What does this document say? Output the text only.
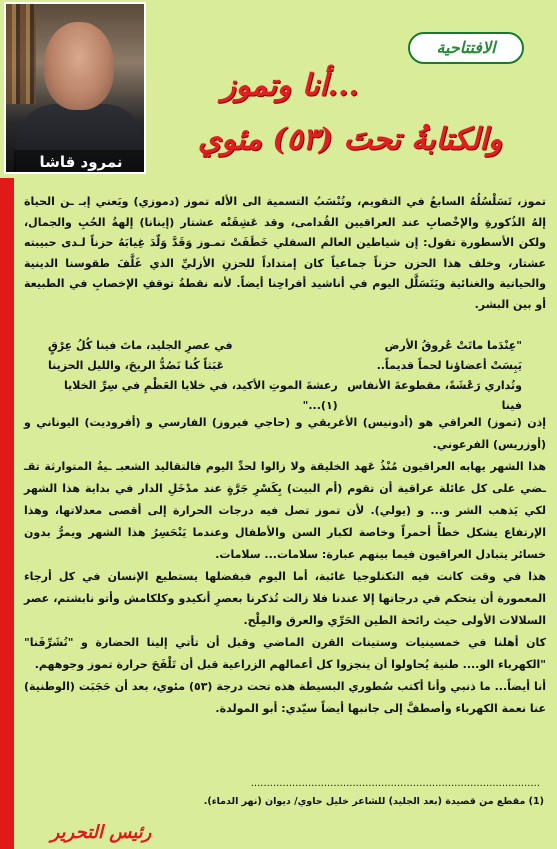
نمرود قاشا
الافتتاحية
أنا وتموز...
والكتابةُ تحتَ (٥٣) مئوي

تموز، تَسَلْسُلُهُ السابعُ في التقويم، وتُنْسَبُ التسمية الى الأله تموز (دموزي) ويَعني إبـ ـن الحياة إلهُ الذُكورةِ والإخْصابِ عند العراقيين القُدامى، وقد عَشِقَتْه عشتار (إينانا) إلهةُ الحُبِ والجمال، ولكن الأسطورة تقول: إن شياطين العالم السفلي خَطَفَتْ تمـوز وَقَدَّ وَلّدَ غِيابَهُ حزناً لـدى حبيبته عشتار، وخلف هذا الحزن حزناً جماعياً كان إمتداداً للحزنِ الأزليِّ الذي غَلَّفَ طقوسنا الدينية والحياتية والغنائية ويَتَسَلَّل اليوم في أناشيد أفراحِنا أيضاً. لأنه نقطةُ توقفِ الإخصابِ في الطبيعة أو بين البشر.

"عِنْدَما ماتَتْ عُروقُ الأرض
في عصرِ الجليد، ماتَ فينا كُلُ عِرْقٍ
يَبِسَتْ أعضاؤنا لحماً قديماً..
عَبَثاً كُنا نَصُدُّ الريحَ، والليل الحزينا
وتُداري رَعْشَةً، مقطوعةَ الأنفاس فينا
رعشةَ الموتِ الأكيد، في خلايا العَظْمِ في سِرِّ الخلايا (١)..."

إذن (تموز) العراقي هو (أدونيس) الأغريقي و (حاجي فيروز) الفارسي و (أفروديت) اليوناني و (أوزريس) الفرعوني.

هذا الشهر يهابه العراقيون مُنْذُ عَهد الخليقة ولا زالوا لحدِّ اليوم فالتقاليد الشعبـ ـيةُ المتوارثة تقـ ـضي على كل عائلة عراقية أن تقوم (أم البيت) بِكَسْرِ جَرَّةٍ عند مدْخَلِ الدار في بداية هذا الشهر لكي يَذهب الشر و... و (يولي). لأن تموز تصل فيه درجات الحرارة إلى أقصى معدلاتها، وهذا الإرتفاع يشكل خطأً أحمراً وخاصة لكبار السن والأطفال وعندما يَنْحَسِرُ هذا الشهر ويمرُّ بدون خسائر يتبادل العراقيون فيما بينهم عبارة: سلامات... سلامات.

هذا في وقت كانت فيه التكنلوجيا غائبة، أما اليوم فبفضلها يستطيع الإنسان في كل أرجاء المعمورة أن يتحكم في درجاتها إلا عندنا فلا زالت تُذكرنا بعصرِ أنكيدو وكلكامش وأتو نابشتم، عصر السلالات الأولى حيث رائحة الطين الحَرِّي والعرق والمِلْح.

كان أهلنا في خمسينيات وستينات القرن الماضي وقبل أن تأتي إلينا الحضارة و "تُشَرِّفَنا" "الكهرباء الو.... طنية يُحاولوا أن ينجزوا كل أعمالهم الزراعية قبل أن تَلْفَحَ حرارة تموز وجوههم.

أنا أيضاً... ما ذنبي وأنا أكتب سُطوري البسيطة هذه تحت درجة (٥٣) مئوي، بعد أن حَجَبَت (الوطنية) عنا نعمة الكهرباء وأصطفَّ إلى جانبها أيضاً سيّدي: أبو المولدة.

...........................................................................................
(1) مقطع من قصيدة (بعد الجليد) للشاعر خليل حاوي/ ديوان (نهر الدماء).
رئيس التحرير
